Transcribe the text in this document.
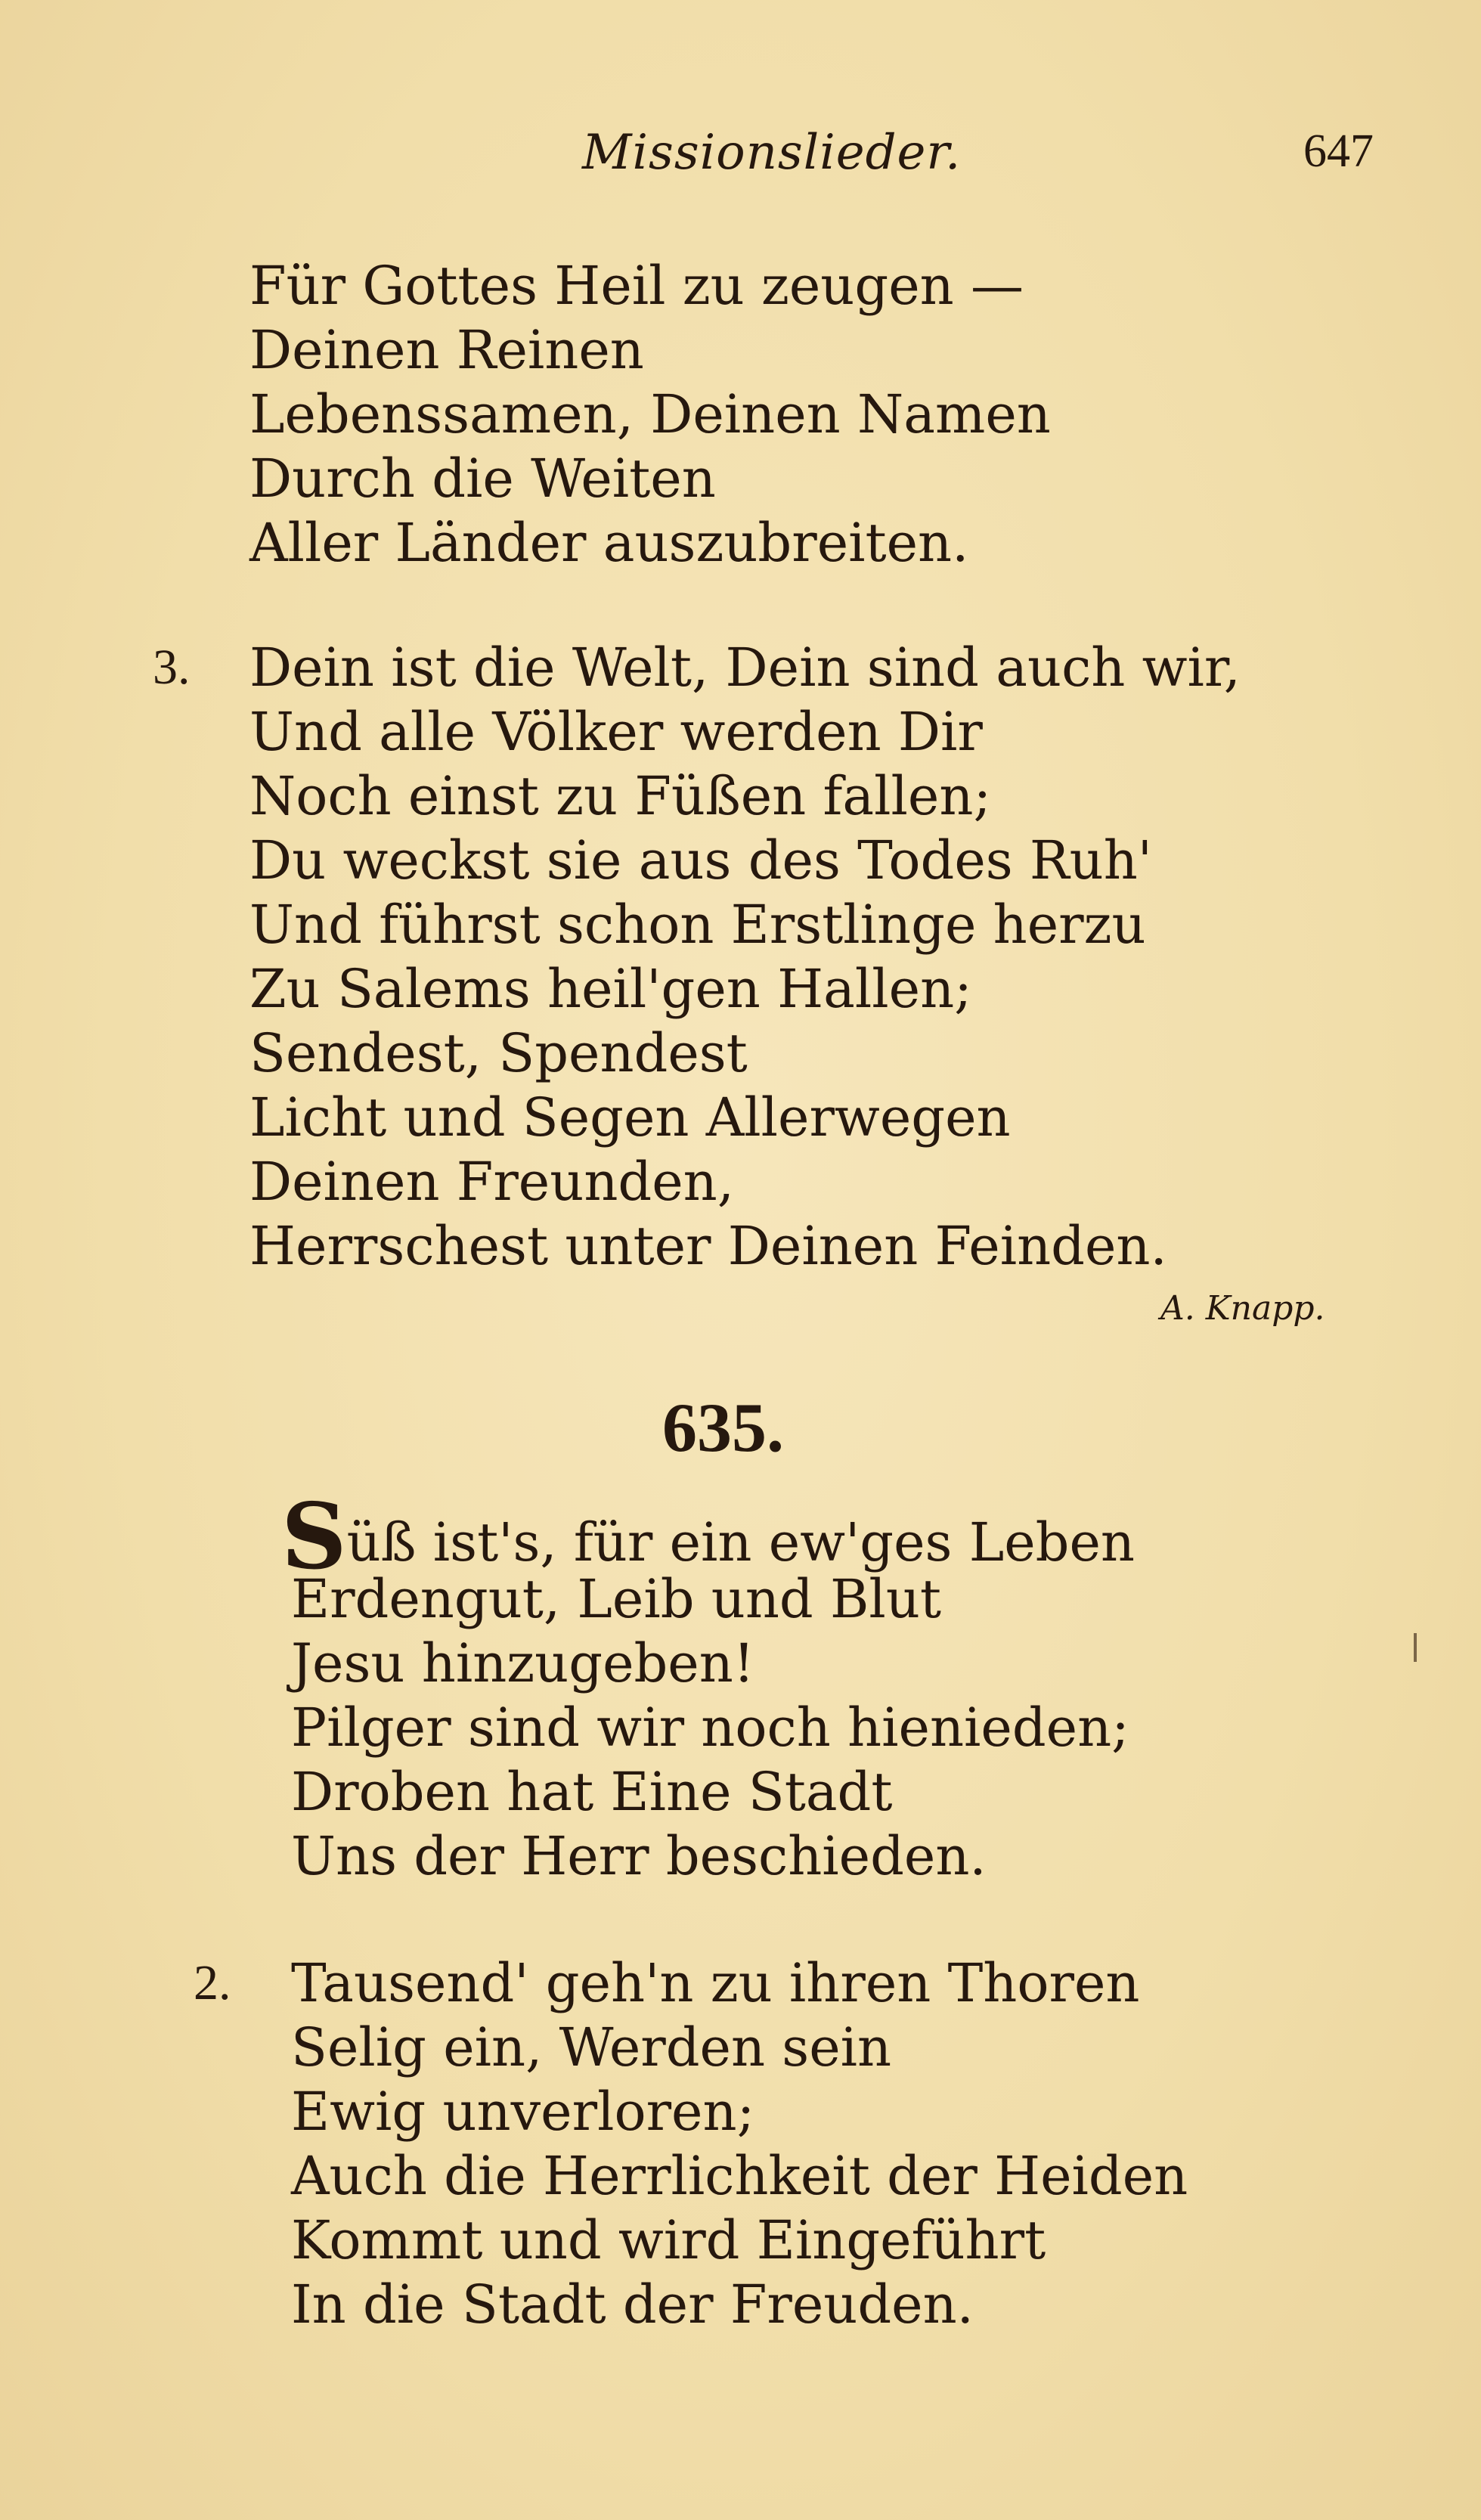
Missionslieder.	647
Für Gottes Heil zu zeugen —
Deinen Reinen
Lebenssamen, Deinen Namen
Durch die Weiten
Aller Länder auszubreiten.
3. Dein ist die Welt, Dein sind auch wir,
Und alle Völker werden Dir
Noch einst zu Füßen fallen;
Du weckst sie aus des Todes Ruh'
Und führst schon Erstlinge herzu
Zu Salems heil'gen Hallen;
Sendest, Spendest
Licht und Segen Allerwegen
Deinen Freunden,
Herrschest unter Deinen Feinden.
A. Knapp.
635.
Süß ist's, für ein ew'ges Leben
Erdengut, Leib und Blut
Jesu hinzugeben!
Pilger sind wir noch hienieden;
Droben hat Eine Stadt
Uns der Herr beschieden.
2. Tausend' geh'n zu ihren Thoren
Selig ein, Werden sein
Ewig unverloren;
Auch die Herrlichkeit der Heiden
Kommt und wird Eingeführt
In die Stadt der Freuden.
